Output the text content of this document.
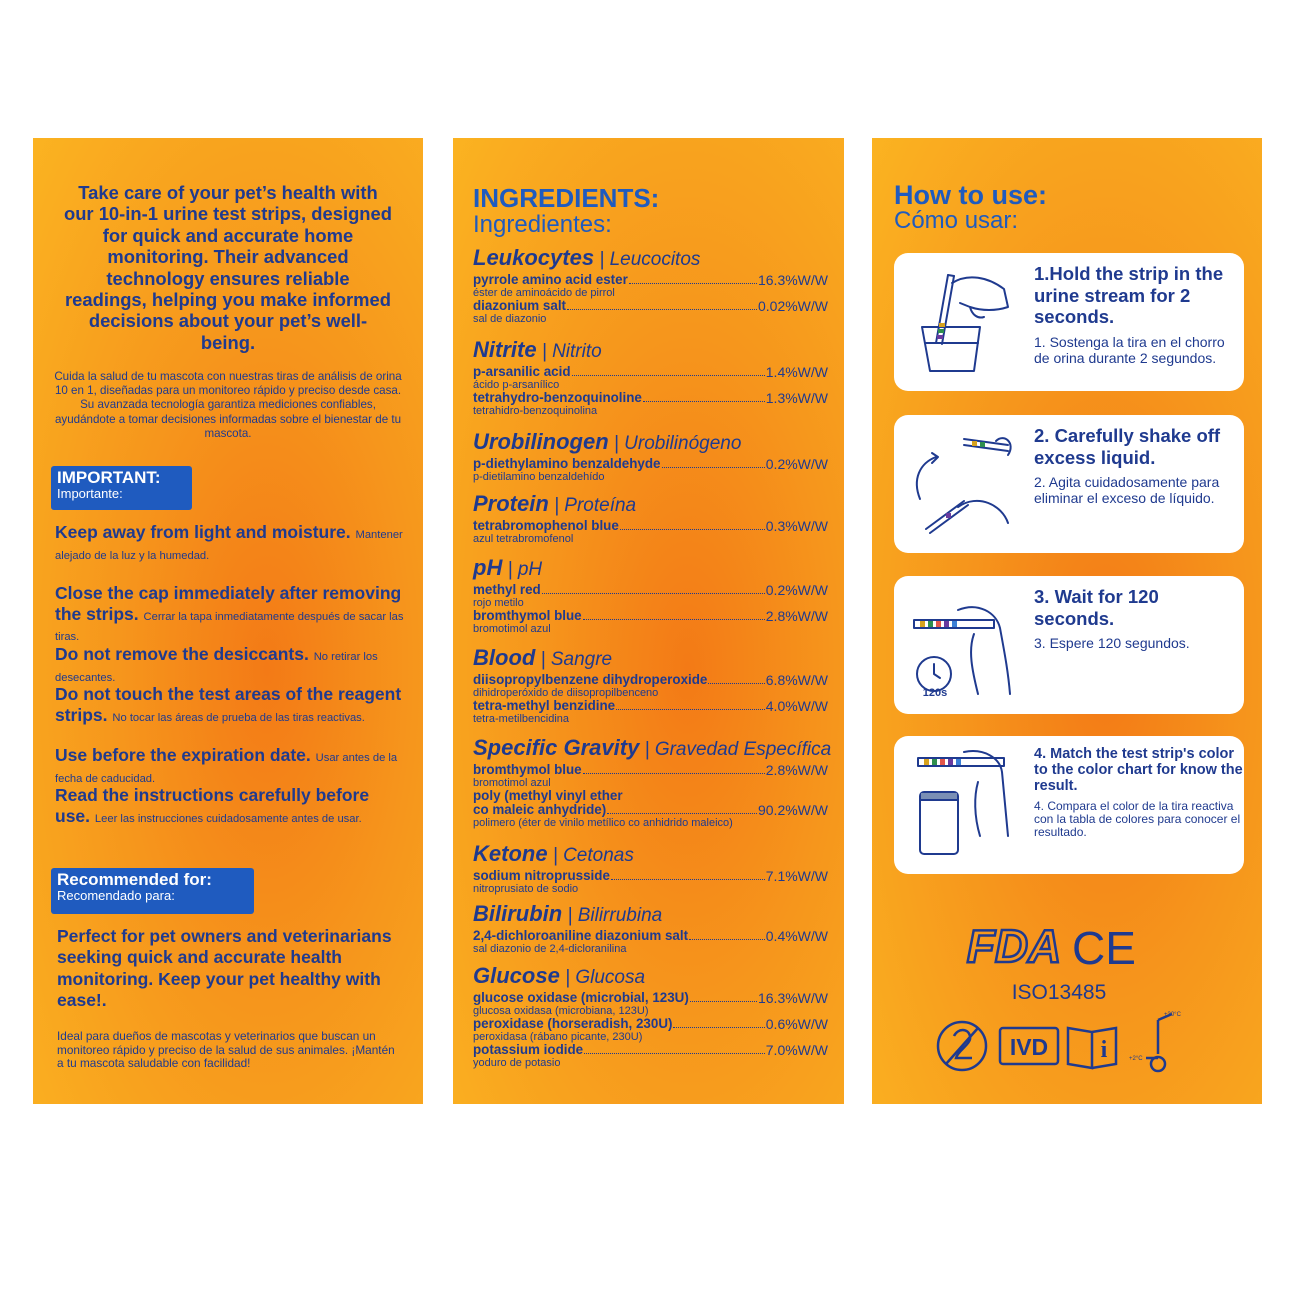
Take care of your pet’s health with our 10-in-1 urine test strips, designed for quick and accurate home monitoring. Their advanced technology ensures reliable readings, helping you make informed decisions about your pet’s well-being.
Cuida la salud de tu mascota con nuestras tiras de análisis de orina 10 en 1, diseñadas para un monitoreo rápido y preciso desde casa. Su avanzada tecnología garantiza mediciones confiables, ayudándote a tomar decisiones informadas sobre el bienestar de tu mascota.
IMPORTANT:
Importante:
Keep away from light and moisture. Mantener alejado de la luz y la humedad.
Close the cap immediately after removing the strips. Cerrar la tapa inmediatamente después de sacar las tiras.
Do not remove the desiccants. No retirar los desecantes.
Do not touch the test areas of the reagent strips. No tocar las áreas de prueba de las tiras reactivas.
Use before the expiration date. Usar antes de la fecha de caducidad.
Read the instructions carefully before use. Leer las instrucciones cuidadosamente antes de usar.
Recommended for:
Recomendado para:
Perfect for pet owners and veterinarians seeking quick and accurate health monitoring. Keep your pet healthy with ease!.
Ideal para dueños de mascotas y veterinarios que buscan un monitoreo rápido y preciso de la salud de sus animales. ¡Mantén a tu mascota saludable con facilidad!
INGREDIENTS:
Ingredientes:
Leukocytes | Leucocitos
pyrrole amino acid ester	16.3%W/W
éster de aminoácido de pirrol
diazonium salt	0.02%W/W
sal de diazonio
Nitrite | Nitrito
p-arsanilic acid	1.4%W/W
ácido p-arsanílico
tetrahydro-benzoquinoline	1.3%W/W
tetrahidro-benzoquinolina
Urobilinogen | Urobilinógeno
p-diethylamino benzaldehyde	0.2%W/W
p-dietilamino benzaldehído
Protein | Proteína
tetrabromophenol blue	0.3%W/W
azul tetrabromofenol
pH | pH
methyl red	0.2%W/W
rojo metilo
bromthymol blue	2.8%W/W
bromotimol azul
Blood | Sangre
diisopropylbenzene dihydroperoxide	6.8%W/W
dihidroperóxido de diisopropilbenceno
tetra-methyl benzidine	4.0%W/W
tetra-metilbencidina
Specific Gravity | Gravedad Específica
bromthymol blue	2.8%W/W
bromotimol azul
poly (methyl vinyl ether
co maleic anhydride)	90.2%W/W
polimero (éter de vinilo metílico co anhidrido maleico)
Ketone | Cetonas
sodium nitroprusside	7.1%W/W
nitroprusiato de sodio
Bilirubin | Bilirrubina
2,4-dichloroaniline diazonium salt	0.4%W/W
sal diazonio de 2,4-dicloranilina
Glucose | Glucosa
glucose oxidase (microbial, 123U)	16.3%W/W
glucosa oxidasa (microbiana, 123U)
peroxidase (horseradish, 230U)	0.6%W/W
peroxidasa (rábano picante, 230U)
potassium iodide	7.0%W/W
yoduro de potasio
How to use:
Cómo usar:
1.Hold the strip in the urine stream for 2 seconds.
1. Sostenga la tira en el chorro de orina durante 2 segundos.
2. Carefully shake off excess liquid.
2. Agita cuidadosamente para eliminar el exceso de líquido.
120s
3. Wait for 120 seconds.
3. Espere 120 segundos.
4. Match the test strip's color to the color chart for know the result.
4. Compara el color de la tira reactiva con la tabla de colores para conocer el resultado.
FDA CE
ISO13485
IVD i
+30°C
+2°C
